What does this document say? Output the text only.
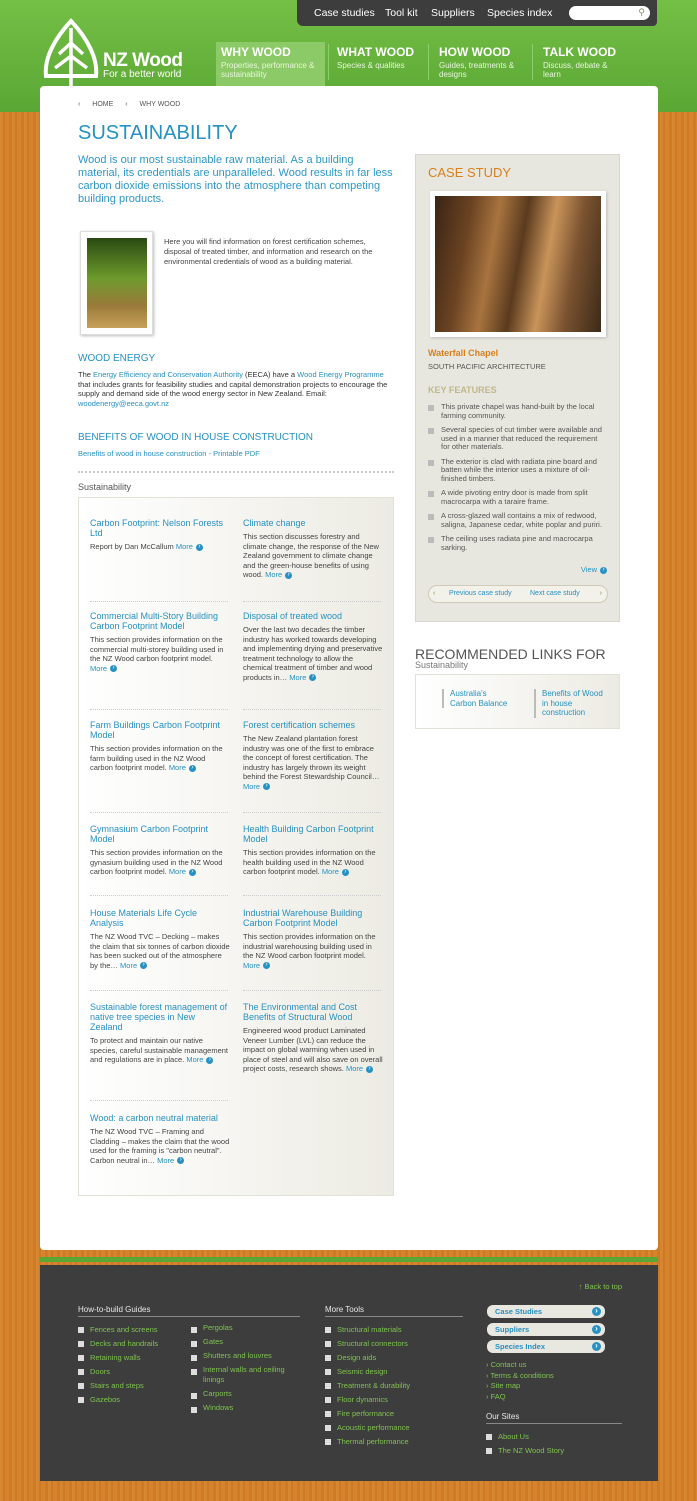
Case studies Tool kit Suppliers Species index	⚲
NZ Wood
For a better world
WHY WOOD
Properties, performance & sustainability
WHAT WOOD
Species & qualities
HOW WOOD
Guides, treatments & designs
TALK WOOD
Discuss, debate & learn
‹ HOME ‹ WHY WOOD
SUSTAINABILITY

Wood is our most sustainable raw material. As a building material, its credentials are unparalleled. Wood results in far less carbon dioxide emissions into the atmosphere than competing building products.

Here you will find information on forest certification schemes, disposal of treated timber, and information and research on the environmental credentials of wood as a building material.

WOOD ENERGY

The Energy Efficiency and Conservation Authority (EECA) have a Wood Energy Programme that includes grants for feasibility studies and capital demonstration projects to encourage the supply and demand side of the wood energy sector in New Zealand. Email: woodenergy@eeca.govt.nz

BENEFITS OF WOOD IN HOUSE CONSTRUCTION
Benefits of wood in house construction - Printable PDF
Sustainability
Carbon Footprint: Nelson Forests Ltd
Report by Dan McCallum More ›
Climate change
This section discusses forestry and climate change, the response of the New Zealand government to climate change and the green-house benefits of using wood. More ›
Commercial Multi-Story Building Carbon Footprint Model
This section provides information on the commercial multi-storey building used in the NZ Wood carbon footprint model. More ›
Disposal of treated wood
Over the last two decades the timber industry has worked towards developing and implementing drying and preservative treatment technology to allow the chemical treatment of timber and wood products in… More ›
Farm Buildings Carbon Footprint Model
This section provides information on the farm building used in the NZ Wood carbon footprint model. More ›
Forest certification schemes
The New Zealand plantation forest industry was one of the first to embrace the concept of forest certification. The industry has largely thrown its weight behind the Forest Stewardship Council… More ›
Gymnasium Carbon Footprint Model
This section provides information on the gynasium building used in the NZ Wood carbon footprint model. More ›
Health Building Carbon Footprint Model
This section provides information on the health building used in the NZ Wood carbon footprint model. More ›
House Materials Life Cycle Analysis
The NZ Wood TVC – Decking – makes the claim that six tonnes of carbon dioxide has been sucked out of the atmosphere by the… More ›
Industrial Warehouse Building Carbon Footprint Model
This section provides information on the industrial warehousing building used in the NZ Wood carbon footprint model. More ›
Sustainable forest management of native tree species in New Zealand
To protect and maintain our native species, careful sustainable management and regulations are in place. More ›
The Environmental and Cost Benefits of Structural Wood
Engineered wood product Laminated Veneer Lumber (LVL) can reduce the impact on global warming when used in place of steel and will also save on overall project costs, research shows. More ›
Wood: a carbon neutral material
The NZ Wood TVC – Framing and Cladding – makes the claim that the wood used for the framing is "carbon neutral". Carbon neutral in… More ›
CASE STUDY
Waterfall Chapel
SOUTH PACIFIC ARCHITECTURE
KEY FEATURES
This private chapel was hand-built by the local farming community.
Several species of cut timber were available and used in a manner that reduced the requirement for other materials.
The exterior is clad with radiata pine board and batten while the interior uses a mixture of oil-finished timbers.
A wide pivoting entry door is made from split macrocarpa with a taraire frame.
A cross-glazed wall contains a mix of redwood, saligna, Japanese cedar, white poplar and puriri.
The ceiling uses radiata pine and macrocarpa sarking.
View ›
‹ Previous case study	Next case study	›
RECOMMENDED LINKS FOR
Sustainability
Australia's Carbon Balance
Benefits of Wood in house construction
↑ Back to top
How-to-build Guides
Fences and screens
Decks and handrails
Retaining walls
Doors
Stairs and steps
Gazebos
Pergolas
Gates
Shutters and louvres
Internal walls and ceiling linings
Carports
Windows
More Tools
Structural materials
Structural connectors
Design aids
Seismic design
Treatment & durability
Floor dynamics
Fire performance
Acoustic performance
Thermal performance
Case Studies ›
Suppliers ›
Species Index ›
› Contact us
› Terms & conditions
› Site map
› FAQ
Our Sites
About Us
The NZ Wood Story
